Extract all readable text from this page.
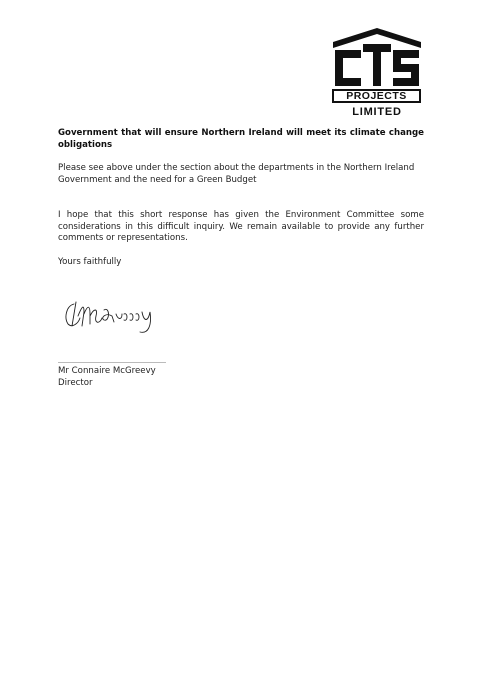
PROJECTS
LIMITED
Government that will ensure Northern Ireland will meet its climate change obligations
Please see above under the section about the departments in the Northern Ireland Government and the need for a Green Budget
I hope that this short response has given the Environment Committee some considerations in this difficult inquiry. We remain available to provide any further comments or representations.
Yours faithfully
Mr Connaire McGreevy
Director
